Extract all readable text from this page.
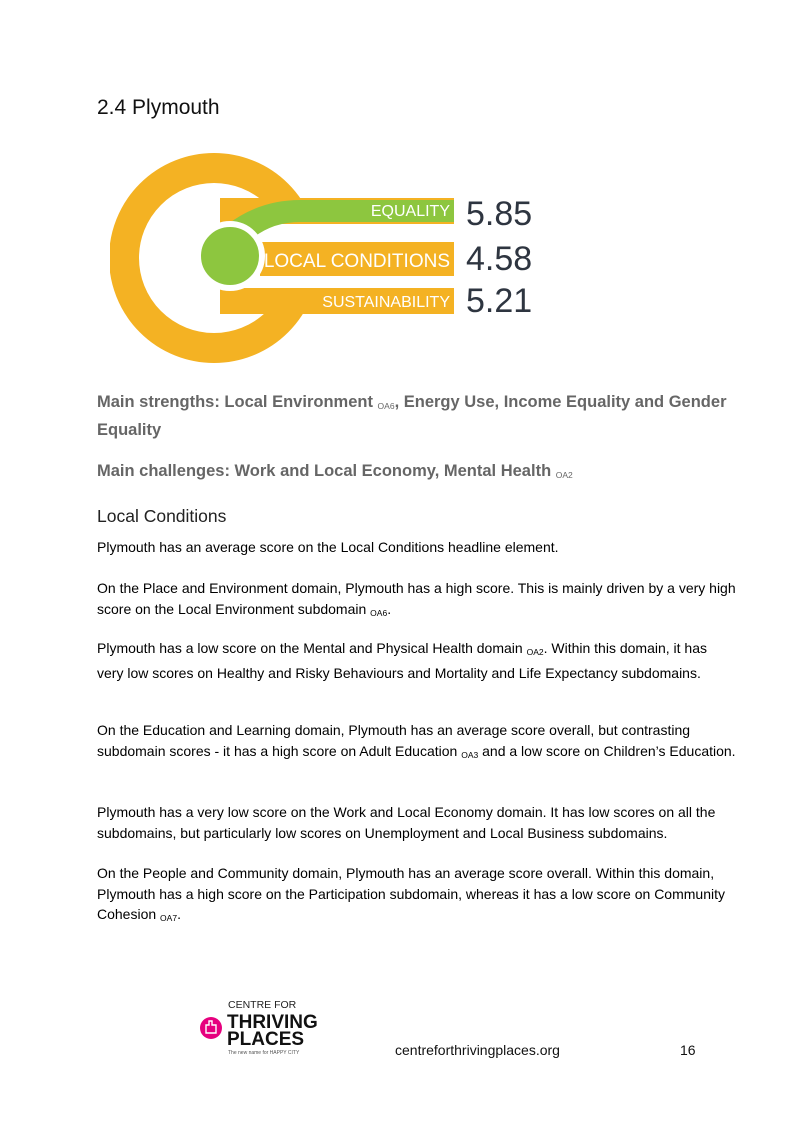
2.4 Plymouth
EQUALITY
LOCAL CONDITIONS
SUSTAINABILITY
5.85
4.58
5.21
Main strengths: Local Environment $_{OA6}$, Energy Use, Income Equality and Gender Equality
Main challenges: Work and Local Economy, Mental Health $_{OA2}$
Local Conditions
Plymouth has an average score on the Local Conditions headline element.
On the Place and Environment domain, Plymouth has a high score. This is mainly driven by a very high score on the Local Environment subdomain $_{OA6}$.
Plymouth has a low score on the Mental and Physical Health domain $_{OA2}$. Within this domain, it has very low scores on Healthy and Risky Behaviours and Mortality and Life Expectancy subdomains.
On the Education and Learning domain, Plymouth has an average score overall, but contrasting subdomain scores - it has a high score on Adult Education $_{OA3}$ and a low score on Children’s Education.
Plymouth has a very low score on the Work and Local Economy domain. It has low scores on all the subdomains, but particularly low scores on Unemployment and Local Business subdomains.
On the People and Community domain, Plymouth has an average score overall. Within this domain, Plymouth has a high score on the Participation subdomain, whereas it has a low score on Community Cohesion $_{OA7}$.
CENTRE FOR
THRIVING
PLACES
The new name for HAPPY CITY	centreforthrivingplaces.org	16
